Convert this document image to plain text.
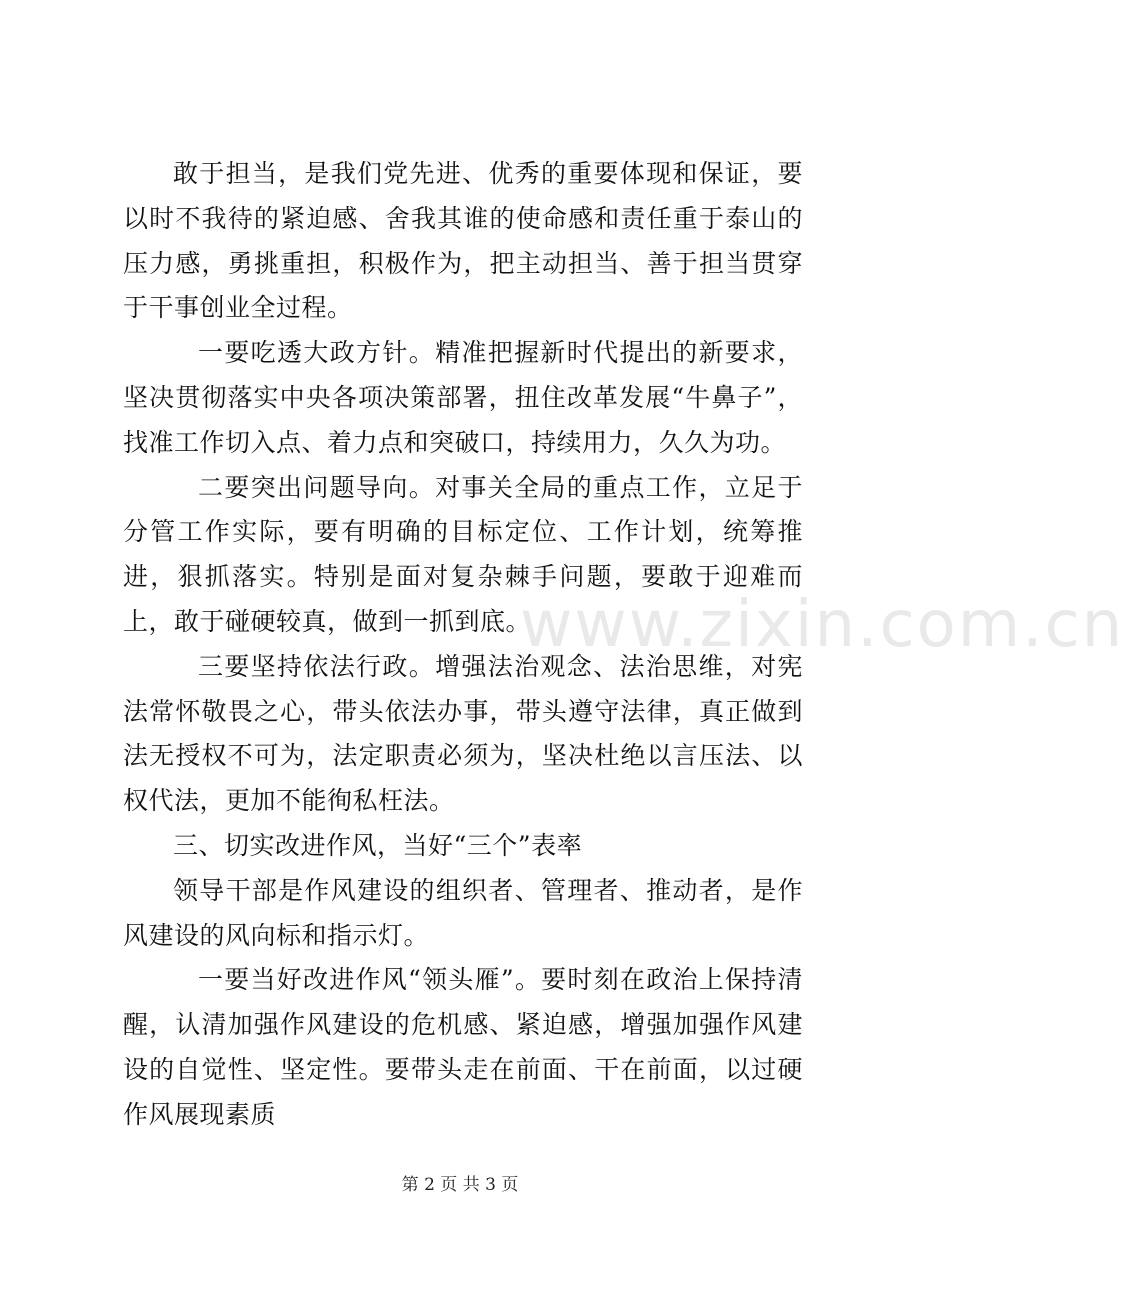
www.zixin.com.cn

敢于担当，是我们党先进、优秀的重要体现和保证，要以时不我待的紧迫感、舍我其谁的使命感和责任重于泰山的压力感，勇挑重担，积极作为，把主动担当、善于担当贯穿于干事创业全过程。

一要吃透大政方针。精准把握新时代提出的新要求，坚决贯彻落实中央各项决策部署，扭住改革发展“牛鼻子”，找准工作切入点、着力点和突破口，持续用力，久久为功。

二要突出问题导向。对事关全局的重点工作，立足于分管工作实际，要有明确的目标定位、工作计划，统筹推进，狠抓落实。特别是面对复杂棘手问题，要敢于迎难而上，敢于碰硬较真，做到一抓到底。

三要坚持依法行政。增强法治观念、法治思维，对宪法常怀敬畏之心，带头依法办事，带头遵守法律，真正做到法无授权不可为，法定职责必须为，坚决杜绝以言压法、以权代法，更加不能徇私枉法。

三、切实改进作风，当好“三个”表率

领导干部是作风建设的组织者、管理者、推动者，是作风建设的风向标和指示灯。

一要当好改进作风“领头雁”。要时刻在政治上保持清醒，认清加强作风建设的危机感、紧迫感，增强加强作风建设的自觉性、坚定性。要带头走在前面、干在前面，以过硬作风展现素质

第 2 页 共 3 页
